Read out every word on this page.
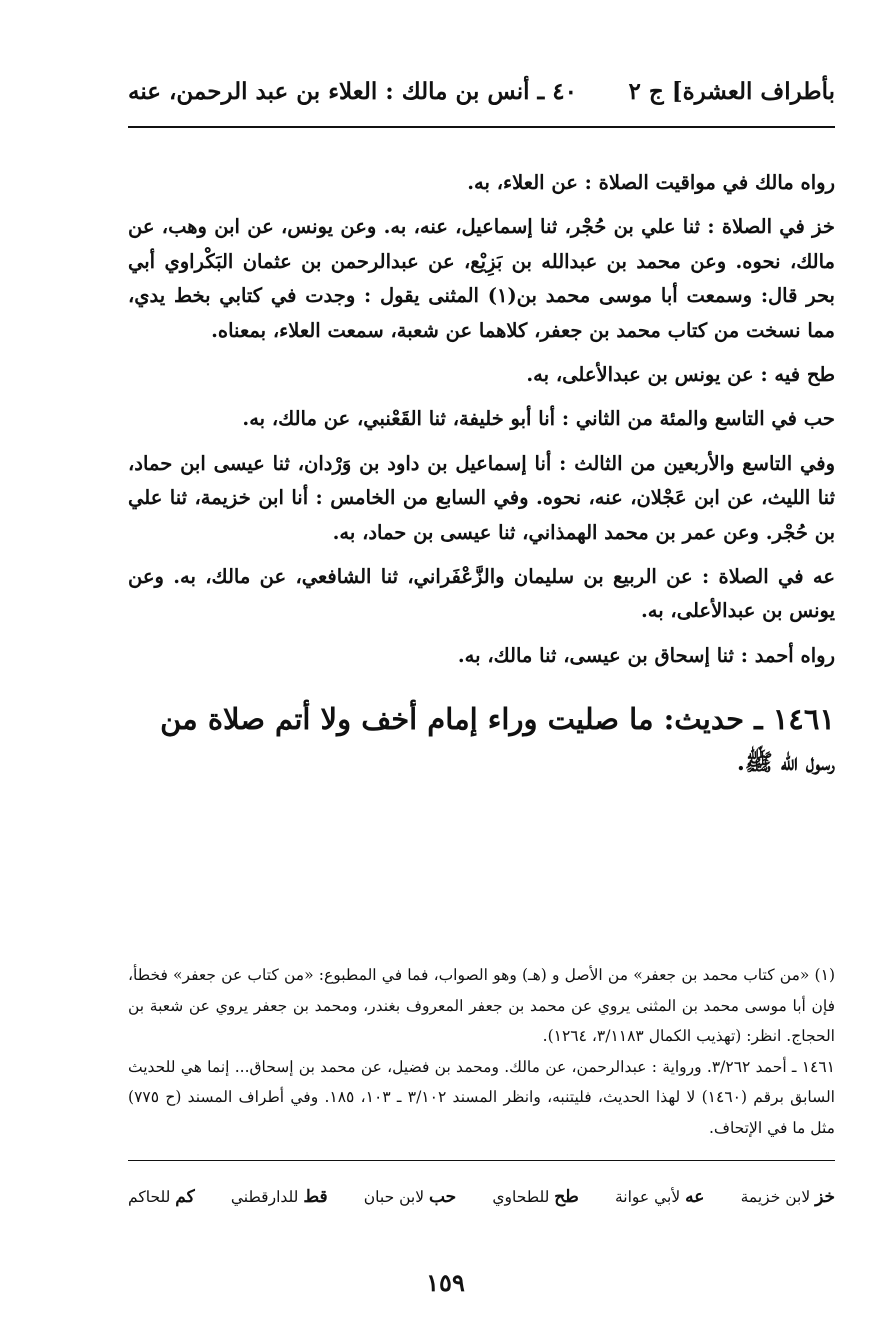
بأطراف العشرة] ج ٢
٤٠ ـ أنس بن مالك : العلاء بن عبد الرحمن، عنه

رواه مالك في مواقيت الصلاة : عن العلاء، به.

خز في الصلاة : ثنا علي بن حُجْر، ثنا إسماعيل، عنه، به. وعن يونس، عن ابن وهب، عن مالك، نحوه. وعن محمد بن عبدالله بن بَزِيْع، عن عبدالرحمن بن عثمان البَكْراوي أبي بحر قال: وسمعت أبا موسى محمد بن(١) المثنى يقول : وجدت في كتابي بخط يدي، مما نسخت من كتاب محمد بن جعفر، كلاهما عن شعبة، سمعت العلاء، بمعناه.

طح فيه : عن يونس بن عبدالأعلى، به.

حب في التاسع والمئة من الثاني : أنا أبو خليفة، ثنا القَعْنبي، عن مالك، به.

وفي التاسع والأربعين من الثالث : أنا إسماعيل بن داود بن وَرْدان، ثنا عيسى ابن حماد، ثنا الليث، عن ابن عَجْلان، عنه، نحوه. وفي السابع من الخامس : أنا ابن خزيمة، ثنا علي بن حُجْر. وعن عمر بن محمد الهمذاني، ثنا عيسى بن حماد، به.

عه في الصلاة : عن الربيع بن سليمان والزَّعْفَراني، ثنا الشافعي، عن مالك، به. وعن يونس بن عبدالأعلى، به.

رواه أحمد : ثنا إسحاق بن عيسى، ثنا مالك، به.

١٤٦١ ـ حديث: ما صليت وراء إمام أخف ولا أتم صلاة من
رسول الله ﷺ.

(١) «من كتاب محمد بن جعفر» من الأصل و (هـ) وهو الصواب، فما في المطبوع: «من كتاب عن جعفر» فخطأ، فإن أبا موسى محمد بن المثنى يروي عن محمد بن جعفر المعروف بغندر، ومحمد بن جعفر يروي عن شعبة بن الحجاج. انظر: (تهذيب الكمال ٣/١١٨٣، ١٢٦٤).

١٤٦١ ـ أحمد ٣/٢٦٢. ورواية : عبدالرحمن، عن مالك. ومحمد بن فضيل، عن محمد بن إسحاق... إنما هي للحديث السابق برقم (١٤٦٠) لا لهذا الحديث، فليتنبه، وانظر المسند ٣/١٠٢ ـ ١٠٣، ١٨٥. وفي أطراف المسند (ح ٧٧٥) مثل ما في الإتحاف.

خز لابن خزيمة
عه لأبي عوانة
طح للطحاوي
حب لابن حبان
قط للدارقطني
كم للحاكم
١٥٩
